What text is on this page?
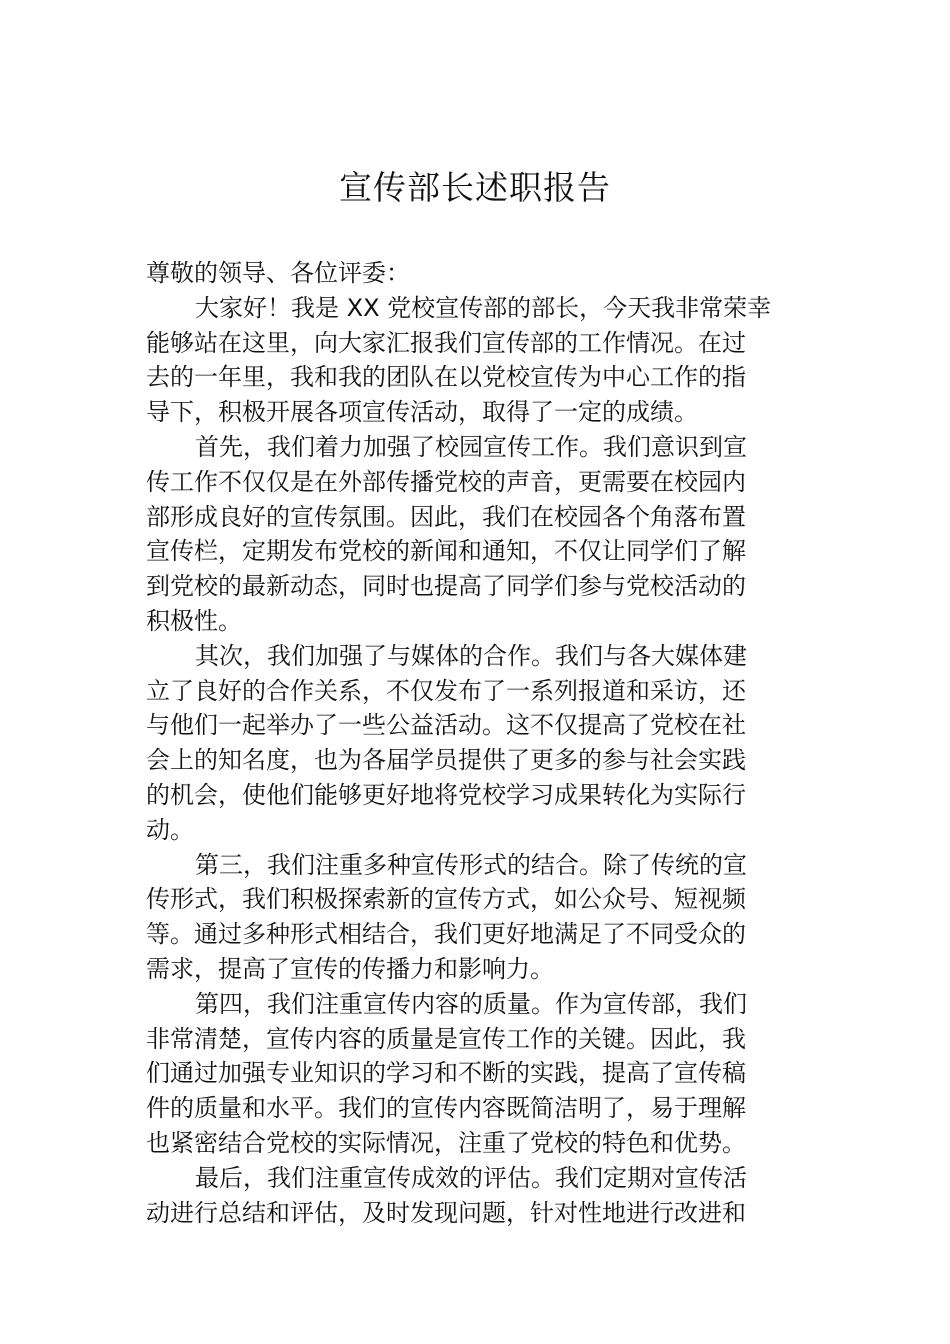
宣传部长述职报告
尊敬的领导、各位评委：
大家好！我是 XX 党校宣传部的部长，今天我非常荣幸
能够站在这里，向大家汇报我们宣传部的工作情况。在过
去的一年里，我和我的团队在以党校宣传为中心工作的指
导下，积极开展各项宣传活动，取得了一定的成绩。
首先，我们着力加强了校园宣传工作。我们意识到宣
传工作不仅仅是在外部传播党校的声音，更需要在校园内
部形成良好的宣传氛围。因此，我们在校园各个角落布置
宣传栏，定期发布党校的新闻和通知，不仅让同学们了解
到党校的最新动态，同时也提高了同学们参与党校活动的
积极性。
其次，我们加强了与媒体的合作。我们与各大媒体建
立了良好的合作关系，不仅发布了一系列报道和采访，还
与他们一起举办了一些公益活动。这不仅提高了党校在社
会上的知名度，也为各届学员提供了更多的参与社会实践
的机会，使他们能够更好地将党校学习成果转化为实际行
动。
第三，我们注重多种宣传形式的结合。除了传统的宣
传形式，我们积极探索新的宣传方式，如公众号、短视频
等。通过多种形式相结合，我们更好地满足了不同受众的
需求，提高了宣传的传播力和影响力。
第四，我们注重宣传内容的质量。作为宣传部，我们
非常清楚，宣传内容的质量是宣传工作的关键。因此，我
们通过加强专业知识的学习和不断的实践，提高了宣传稿
件的质量和水平。我们的宣传内容既简洁明了，易于理解
也紧密结合党校的实际情况，注重了党校的特色和优势。
最后，我们注重宣传成效的评估。我们定期对宣传活
动进行总结和评估，及时发现问题，针对性地进行改进和
